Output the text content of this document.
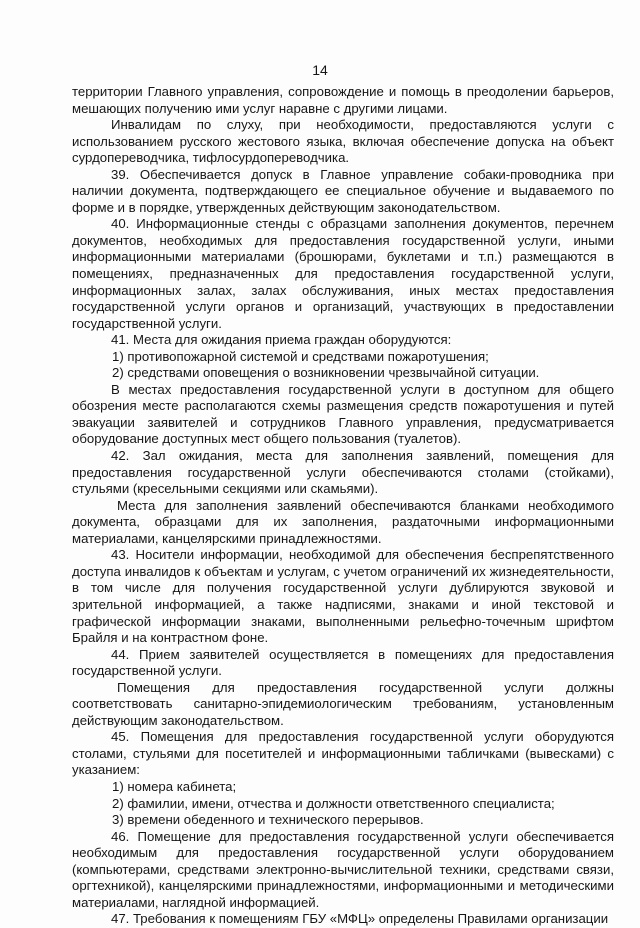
14

территории Главного управления, сопровождение и помощь в преодолении барьеров, мешающих получению ими услуг наравне с другими лицами.

Инвалидам по слуху, при необходимости, предоставляются услуги с использованием русского жестового языка, включая обеспечение допуска на объект сурдопереводчика, тифлосурдопереводчика.

39. Обеспечивается допуск в Главное управление собаки-проводника при наличии документа, подтверждающего ее специальное обучение и выдаваемого по форме и в порядке, утвержденных действующим законодательством.

40. Информационные стенды с образцами заполнения документов, перечнем документов, необходимых для предоставления государственной услуги, иными информационными материалами (брошюрами, буклетами и т.п.) размещаются в помещениях, предназначенных для предоставления государственной услуги, информационных залах, залах обслуживания, иных местах предоставления государственной услуги органов и организаций, участвующих в предоставлении государственной услуги.

41. Места для ожидания приема граждан оборудуются:

1) противопожарной системой и средствами пожаротушения;

2) средствами оповещения о возникновении чрезвычайной ситуации.

В местах предоставления государственной услуги в доступном для общего обозрения месте располагаются схемы размещения средств пожаротушения и путей эвакуации заявителей и сотрудников Главного управления, предусматривается оборудование доступных мест общего пользования (туалетов).

42. Зал ожидания, места для заполнения заявлений, помещения для предоставления государственной услуги обеспечиваются столами (стойками), стульями (кресельными секциями или скамьями).

Места для заполнения заявлений обеспечиваются бланками необходимого документа, образцами для их заполнения, раздаточными информационными материалами, канцелярскими принадлежностями.

43. Носители информации, необходимой для обеспечения беспрепятственного доступа инвалидов к объектам и услугам, с учетом ограничений их жизнедеятельности, в том числе для получения государственной услуги дублируются звуковой и зрительной информацией, а также надписями, знаками и иной текстовой и графической информации знаками, выполненными рельефно-точечным шрифтом Брайля и на контрастном фоне.

44. Прием заявителей осуществляется в помещениях для предоставления государственной услуги.

Помещения для предоставления государственной услуги должны соответствовать санитарно-эпидемиологическим требованиям, установленным действующим законодательством.

45. Помещения для предоставления государственной услуги оборудуются столами, стульями для посетителей и информационными табличками (вывесками) с указанием:

1) номера кабинета;

2) фамилии, имени, отчества и должности ответственного специалиста;

3) времени обеденного и технического перерывов.

46. Помещение для предоставления государственной услуги обеспечивается необходимым для предоставления государственной услуги оборудованием (компьютерами, средствами электронно-вычислительной техники, средствами связи, оргтехникой), канцелярскими принадлежностями, информационными и методическими материалами, наглядной информацией.

47. Требования к помещениям ГБУ «МФЦ» определены Правилами организации
